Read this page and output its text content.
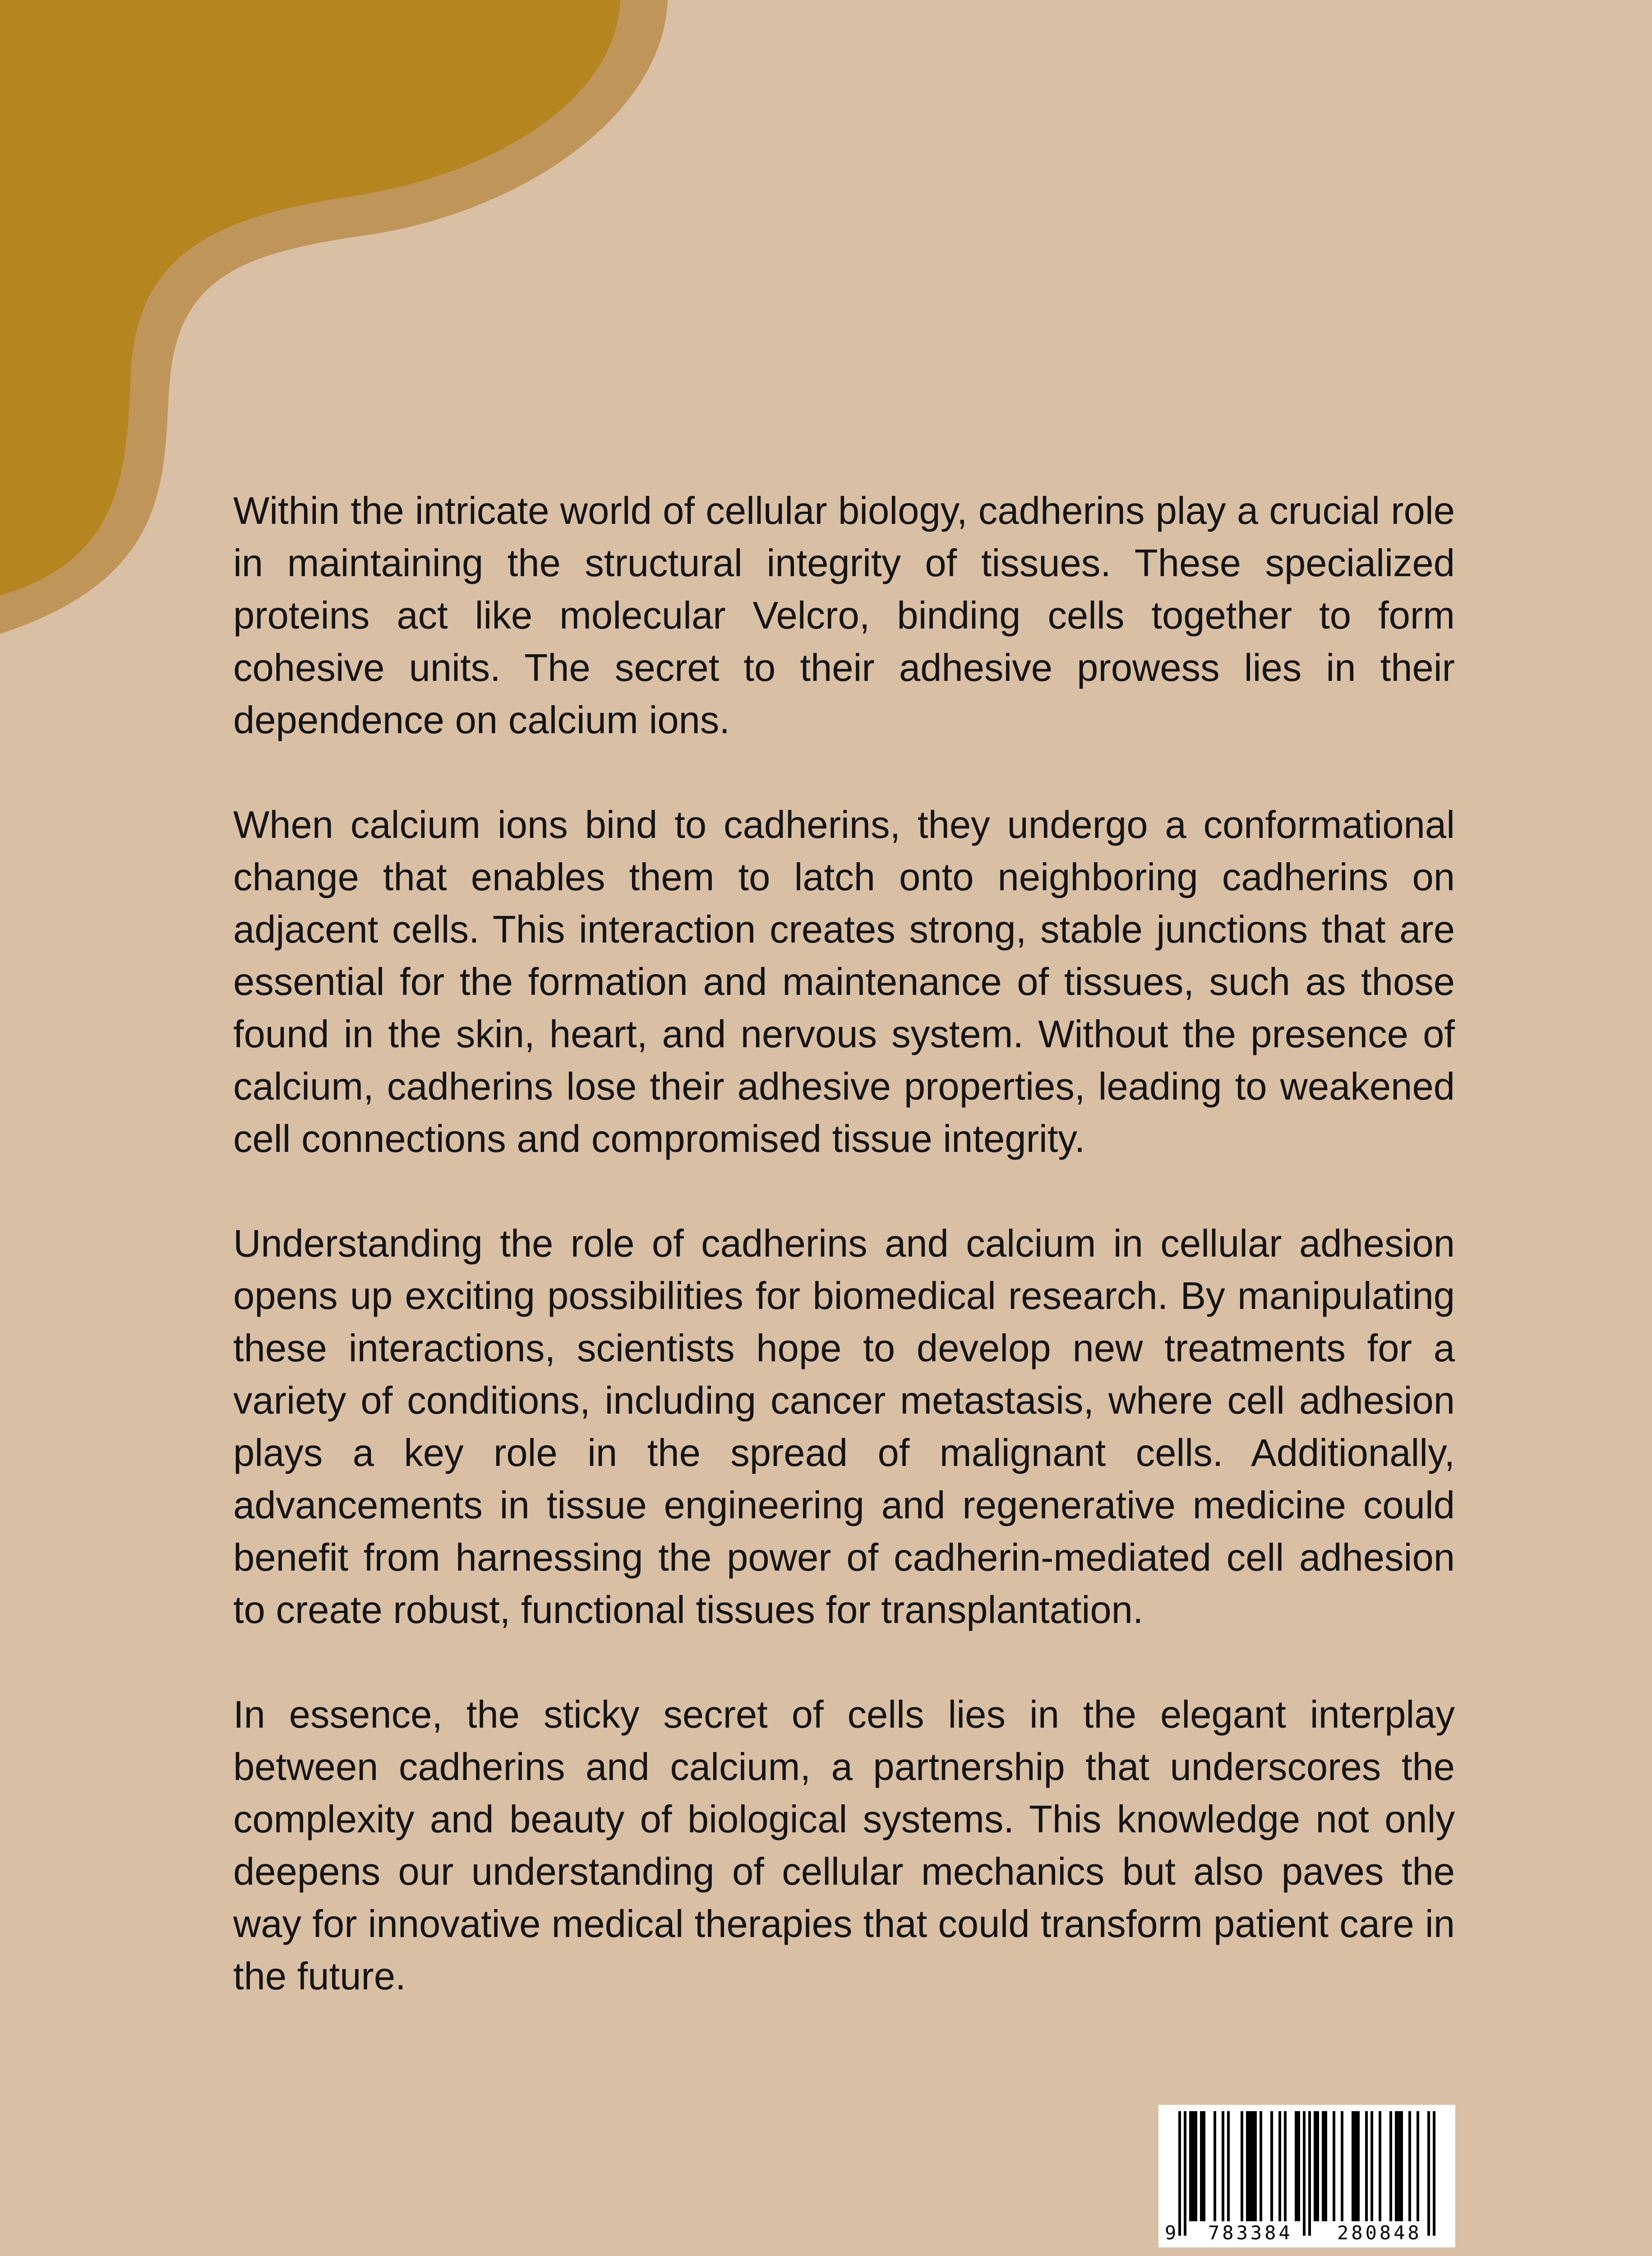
Within the intricate world of cellular biology, cadherins play a crucial role in maintaining the structural integrity of tissues. These specialized proteins act like molecular Velcro, binding cells together to form cohesive units. The secret to their adhesive prowess lies in their dependence on calcium ions.

When calcium ions bind to cadherins, they undergo a conformational change that enables them to latch onto neighboring cadherins on adjacent cells. This interaction creates strong, stable junctions that are essential for the formation and maintenance of tissues, such as those found in the skin, heart, and nervous system. Without the presence of calcium, cadherins lose their adhesive properties, leading to weakened cell connections and compromised tissue integrity.

Understanding the role of cadherins and calcium in cellular adhesion opens up exciting possibilities for biomedical research. By manipulating these interactions, scientists hope to develop new treatments for a variety of conditions, including cancer metastasis, where cell adhesion plays a key role in the spread of malignant cells. Additionally, advancements in tissue engineering and regenerative medicine could benefit from harnessing the power of cadherin-mediated cell adhesion to create robust, functional tissues for transplantation.

In essence, the sticky secret of cells lies in the elegant interplay between cadherins and calcium, a partnership that underscores the complexity and beauty of biological systems. This knowledge not only deepens our understanding of cellular mechanics but also paves the way for innovative medical therapies that could transform patient care in the future.

9 783384 280848
